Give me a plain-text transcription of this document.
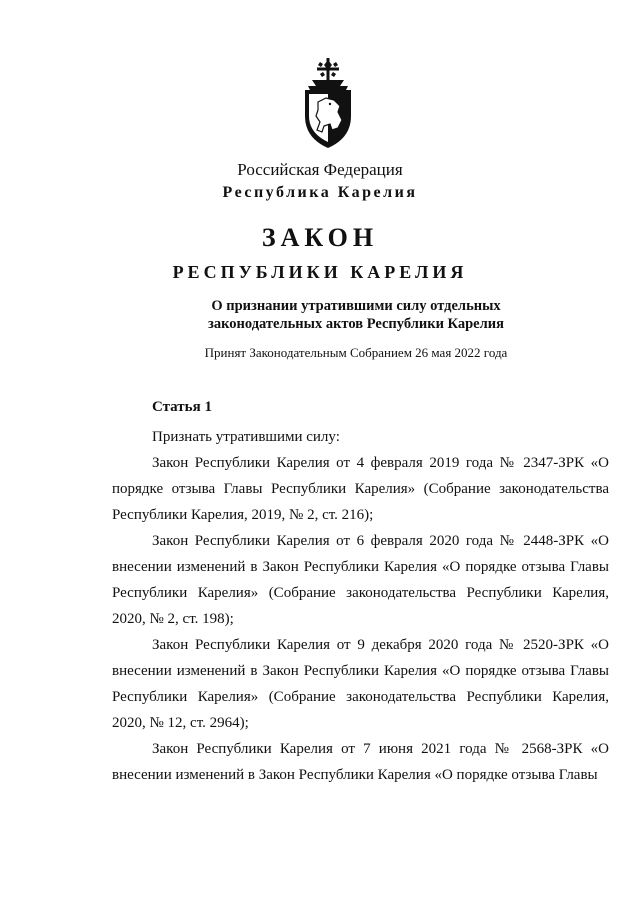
Российская Федерация
Республика Карелия
ЗАКОН
РЕСПУБЛИКИ КАРЕЛИЯ
О признании утратившими силу отдельных
законодательных актов Республики Карелия
Принят Законодательным Собранием 26 мая 2022 года
Статья 1

Признать утратившими силу:

Закон Республики Карелия от 4 февраля 2019 года № 2347-ЗРК «О порядке отзыва Главы Республики Карелия» (Собрание законодательства Республики Карелия, 2019, № 2, ст. 216);

Закон Республики Карелия от 6 февраля 2020 года № 2448-ЗРК «О внесении изменений в Закон Республики Карелия «О порядке отзыва Главы Республики Карелия» (Собрание законодательства Республики Карелия, 2020, № 2, ст. 198);

Закон Республики Карелия от 9 декабря 2020 года № 2520-ЗРК «О внесении изменений в Закон Республики Карелия «О порядке отзыва Главы Республики Карелия» (Собрание законодательства Республики Карелия, 2020, № 12, ст. 2964);

Закон Республики Карелия от 7 июня 2021 года № 2568-ЗРК «О внесении изменений в Закон Республики Карелия «О порядке отзыва Главы
